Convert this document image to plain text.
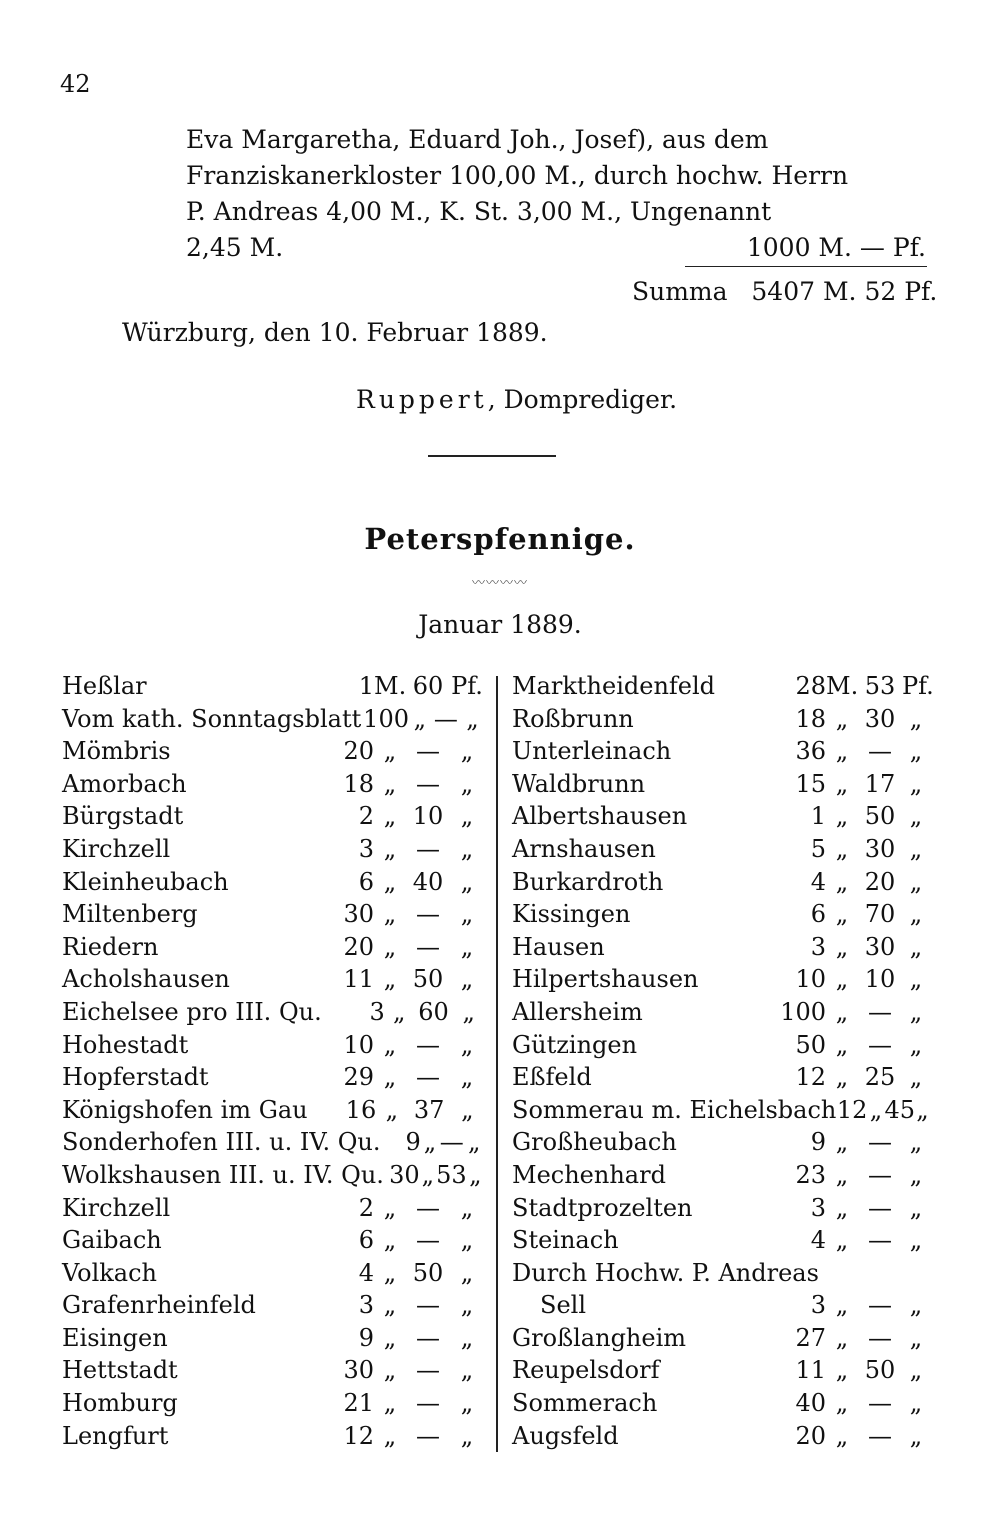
42
Eva Margaretha, Eduard Joh., Josef), aus dem
Franziskanerkloster 100,00 M., durch hochw. Herrn
P. Andreas 4,00 M., K. St. 3,00 M., Ungenannt
2,45 M.	1000 M. — Pf.
Summa   5407 M. 52 Pf.
Würzburg, den 10. Februar 1889.
Ruppert, Domprediger.
Peterspfennige.
〰〰〰〰
Januar 1889.
Heßlar	1 M. 60 Pf.
Vom kath. Sonntagsblatt 100 „ — „
Mömbris	20 „ — „
Amorbach	18 „ — „
Bürgstadt	2 „ 10 „
Kirchzell	3 „ — „
Kleinheubach	6 „ 40 „
Miltenberg	30 „ — „
Riedern	20 „ — „
Acholshausen	11 „ 50 „
Eichelsee pro III. Qu.	3 „ 60 „
Hohestadt	10 „ — „
Hopferstadt	29 „ — „
Königshofen im Gau	16 „ 37 „
Sonderhofen III. u. IV. Qu.	9 „ — „
Wolkshausen III. u. IV. Qu. 30 „ 53 „
Kirchzell	2 „ — „
Gaibach	6 „ — „
Volkach	4 „ 50 „
Grafenrheinfeld	3 „ — „
Eisingen	9 „ — „
Hettstadt	30 „ — „
Homburg	21 „ — „
Lengfurt	12 „ — „
Marktheidenfeld	28 M. 53 Pf.
Roßbrunn	18 „ 30 „
Unterleinach	36 „ — „
Waldbrunn	15 „ 17 „
Albertshausen	1 „ 50 „
Arnshausen	5 „ 30 „
Burkardroth	4 „ 20 „
Kissingen	6 „ 70 „
Hausen	3 „ 30 „
Hilpertshausen	10 „ 10 „
Allersheim	100 „ — „
Gützingen	50 „ — „
Eßfeld	12 „ 25 „
Sommerau m. Eichelsbach 12 „ 45 „
Großheubach	9 „ — „
Mechenhard	23 „ — „
Stadtprozelten	3 „ — „
Steinach	4 „ — „
Durch Hochw. P. Andreas
Sell	3 „ — „
Großlangheim	27 „ — „
Reupelsdorf	11 „ 50 „
Sommerach	40 „ — „
Augsfeld	20 „ — „
